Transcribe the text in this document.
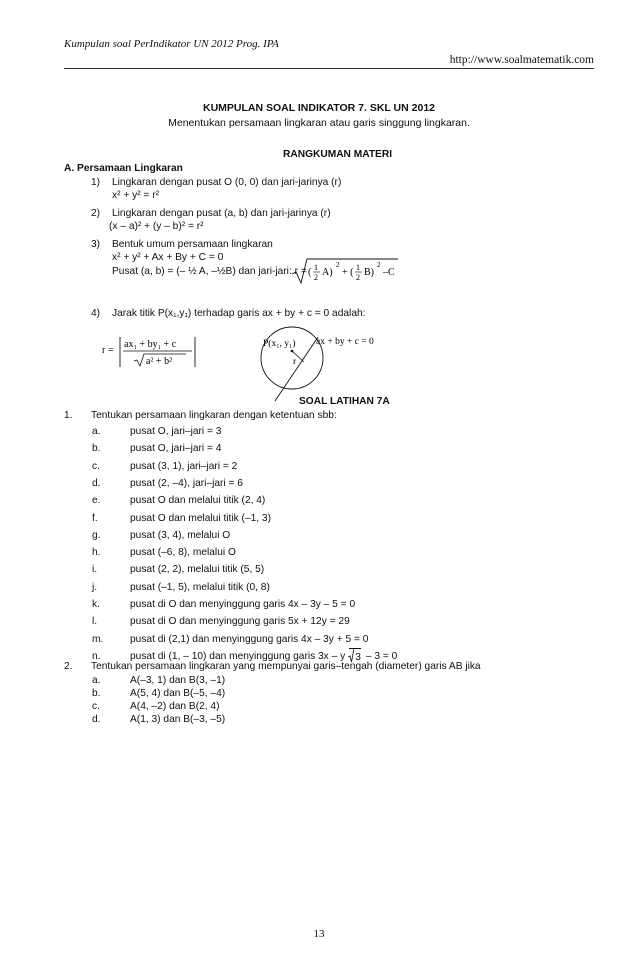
Kumpulan soal PerIndikator UN 2012 Prog. IPA
http://www.soalmatematik.com
KUMPULAN SOAL INDIKATOR 7. SKL UN 2012
Menentukan persamaan lingkaran atau garis singgung lingkaran.
RANGKUMAN MATERI
A. Persamaan Lingkaran
1) Lingkaran dengan pusat O (0, 0) dan jari-jarinya (r)
x² + y² = r²
2) Lingkaran dengan pusat (a, b) dan jari-jarinya (r)
(x – a)² + (y – b)² = r²
3) Bentuk umum persamaan lingkaran
x² + y² + Ax + By + C = 0
Pusat (a, b) = (– ½ A, –½B) dan jari-jari: r = ( 1
2 A)
2
+ ( 1
2 B)
2
–C
4) Jarak titik P(x₁,y₁) terhadap garis ax + by + c = 0 adalah:
r =
ax₁ + by₁ + c
a² + b²
P(x₁, y₁)
r
ax + by + c = 0
SOAL LATIHAN 7A
1. Tentukan persamaan lingkaran dengan ketentuan sbb:
a.	pusat O, jari–jari = 3
b.	pusat O, jari–jari = 4
c.	pusat (3, 1), jari–jari = 2
d.	pusat (2, –4), jari–jari = 6
e.	pusat O dan melalui titik (2, 4)
f.	pusat O dan melalui titik (–1, 3)
g.	pusat (3, 4), melalui O
h.	pusat (–6, 8), melalui O
i.	pusat (2, 2), melalui titik (5, 5)
j.	pusat (–1, 5), melalui titik (0, 8)
k.	pusat di O dan menyinggung garis 4x – 3y – 5 = 0
l.	pusat di O dan menyinggung garis 5x + 12y = 29
m.	pusat di (2,1) dan menyinggung garis 4x – 3y + 5 = 0
n.	pusat di (1, – 10) dan menyinggung garis 3x – y 3 – 3 = 0
2. Tentukan persamaan lingkaran yang mempunyai garis–tengah (diameter) garis AB jika
a.	A(–3, 1) dan B(3, –1)
b.	A(5, 4) dan B(–5, –4)
c.	A(4, –2) dan B(2, 4)
d.	A(1, 3) dan B(–3, –5)
13
